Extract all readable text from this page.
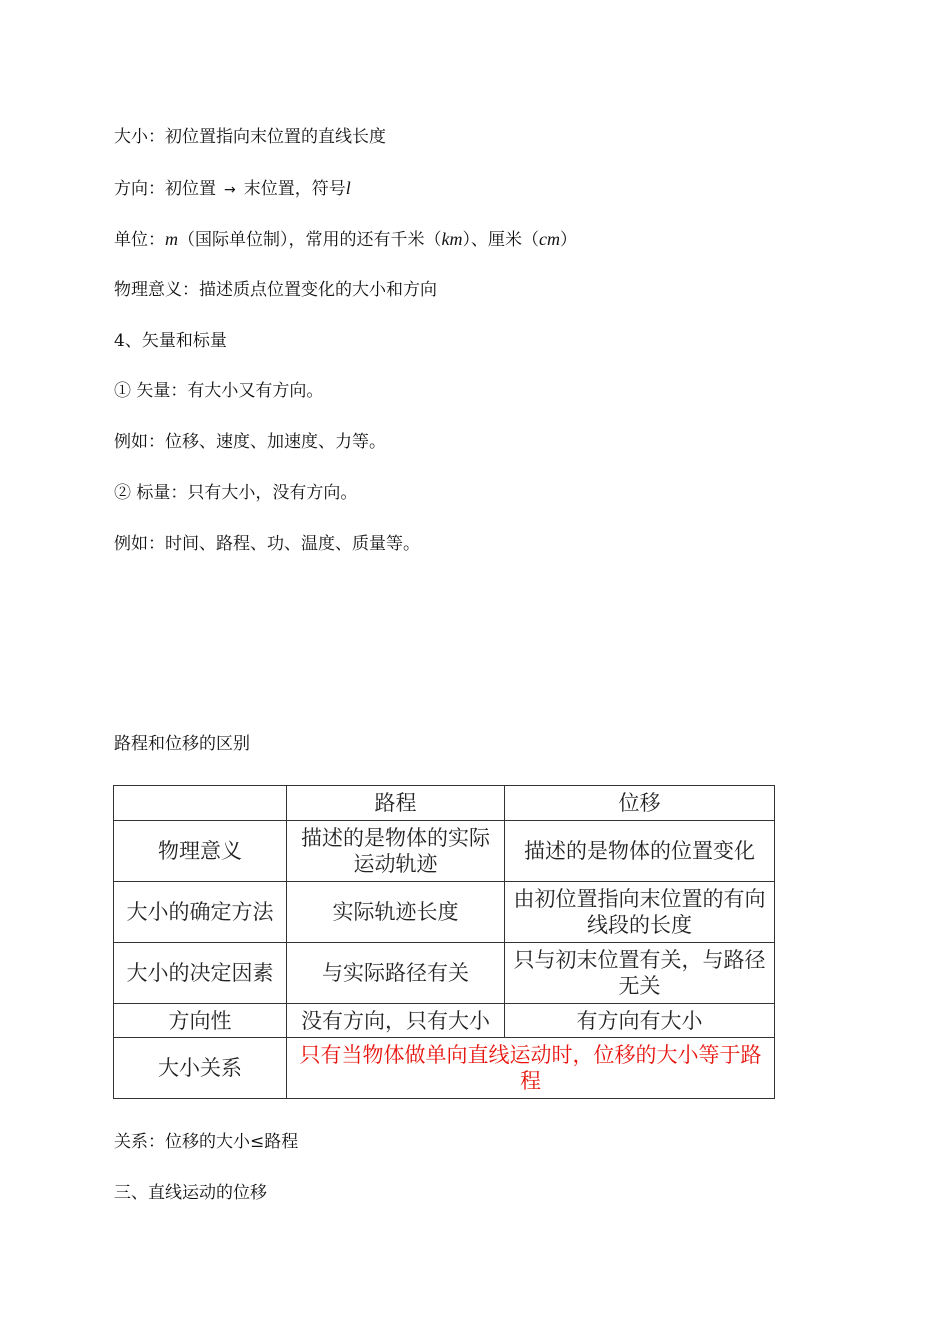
大小：初位置指向末位置的直线长度
方向：初位置 → 末位置，符号l
单位：m（国际单位制），常用的还有千米（km）、厘米（cm）
物理意义：描述质点位置变化的大小和方向
4、矢量和标量
① 矢量：有大小又有方向。
例如：位移、速度、加速度、力等。
② 标量：只有大小，没有方向。
例如：时间、路程、功、温度、质量等。
路程和位移的区别
	路程	位移
物理意义	描述的是物体的实际运动轨迹	描述的是物体的位置变化
大小的确定方法	实际轨迹长度	由初位置指向末位置的有向线段的长度
大小的决定因素	与实际路径有关	只与初末位置有关，与路径无关
方向性	没有方向，只有大小	有方向有大小
大小关系	只有当物体做单向直线运动时，位移的大小等于路程	
关系：位移的大小≤路程
三、直线运动的位移
